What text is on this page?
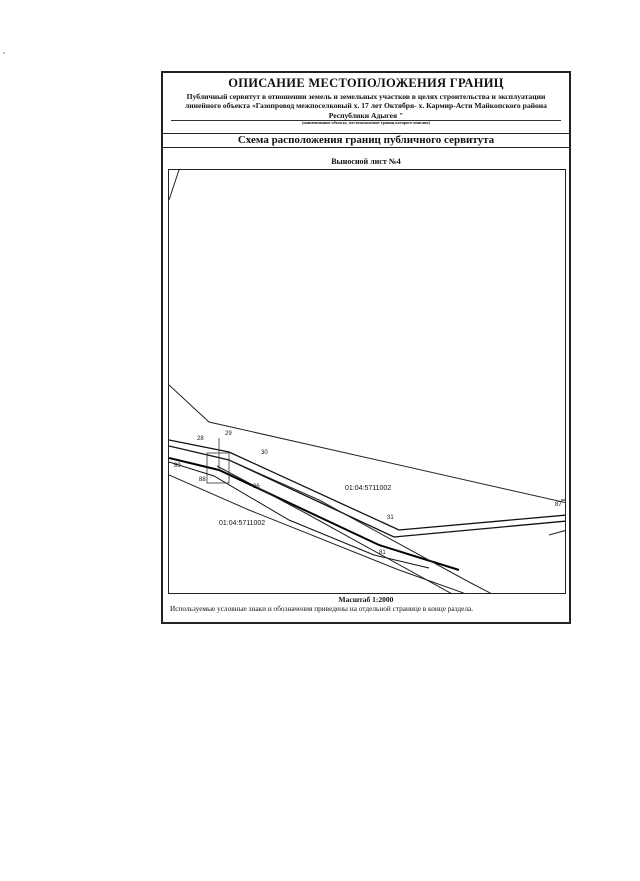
ОПИСАНИЕ МЕСТОПОЛОЖЕНИЯ ГРАНИЦ
Публичный сервитут в отношении земель и земельных участков в целях строительства и эксплуатации линейного объекта «Газопровод межпоселковый х. 17 лет Октября- х. Кармир-Асти Майкопского района Республики Адыгея "
(наименование объекта, местоположение границ которого описано)
Схема расположения границ публичного сервитута
Выносной лист №4
28
29
30
31
89
88
81
86
87
01:04:5711002
01:04:5711002
Масштаб 1:2000
Используемые условные знаки и обозначения приведены на отдельной странице в конце раздела.
